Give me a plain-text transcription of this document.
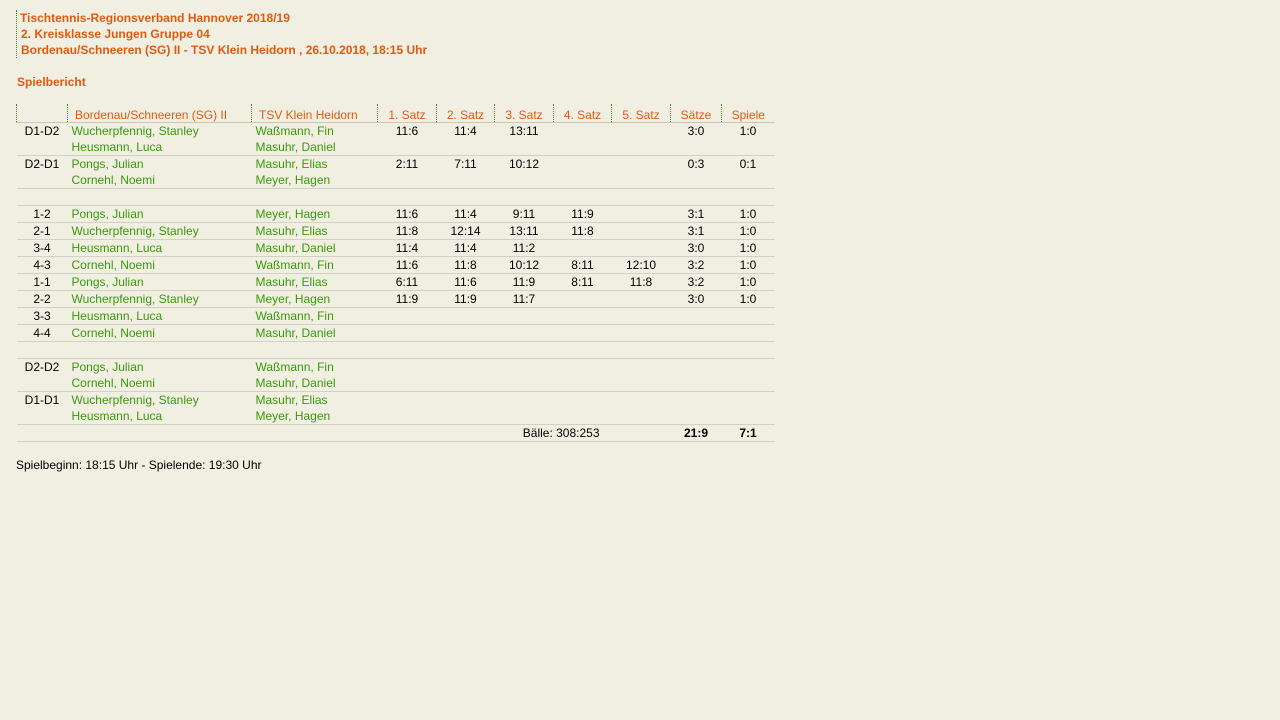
Tischtennis-Regionsverband Hannover 2018/19
2. Kreisklasse Jungen Gruppe 04
Bordenau/Schneeren (SG) II - TSV Klein Heidorn , 26.10.2018, 18:15 Uhr
Spielbericht
	Bordenau/Schneeren (SG) II	TSV Klein Heidorn	1. Satz	2. Satz	3. Satz	4. Satz	5. Satz	Sätze	Spiele
D1-D2	Wucherpfennig, Stanley	Waßmann, Fin	11:6	11:4	13:11			3:0	1:0
	Heusmann, Luca	Masuhr, Daniel							
D2-D1	Pongs, Julian	Masuhr, Elias	2:11	7:11	10:12			0:3	0:1
	Cornehl, Noemi	Meyer, Hagen							

1-2	Pongs, Julian	Meyer, Hagen	11:6	11:4	9:11	11:9		3:1	1:0
2-1	Wucherpfennig, Stanley	Masuhr, Elias	11:8	12:14	13:11	11:8		3:1	1:0
3-4	Heusmann, Luca	Masuhr, Daniel	11:4	11:4	11:2			3:0	1:0
4-3	Cornehl, Noemi	Waßmann, Fin	11:6	11:8	10:12	8:11	12:10	3:2	1:0
1-1	Pongs, Julian	Masuhr, Elias	6:11	11:6	11:9	8:11	11:8	3:2	1:0
2-2	Wucherpfennig, Stanley	Meyer, Hagen	11:9	11:9	11:7			3:0	1:0
3-3	Heusmann, Luca	Waßmann, Fin							
4-4	Cornehl, Noemi	Masuhr, Daniel							

D2-D2	Pongs, Julian	Waßmann, Fin							
	Cornehl, Noemi	Masuhr, Daniel							
D1-D1	Wucherpfennig, Stanley	Masuhr, Elias							
	Heusmann, Luca	Meyer, Hagen							
				Bälle: 308:253				21:9	7:1
Spielbeginn: 18:15 Uhr - Spielende: 19:30 Uhr
